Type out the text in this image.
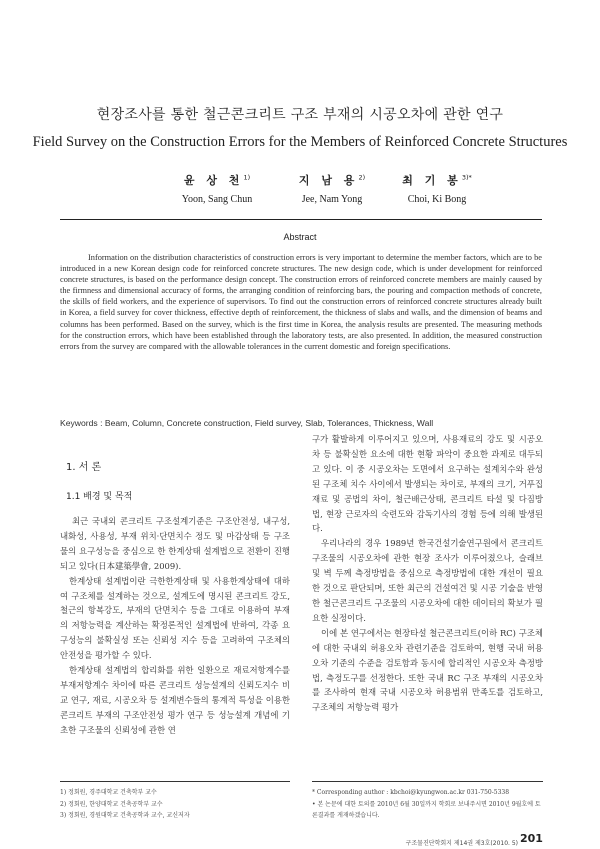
현장조사를 통한 철근콘크리트 구조 부재의 시공오차에 관한 연구
Field Survey on the Construction Errors for the Members of Reinforced Concrete Structures
윤 상 천$^{1)}$
Yoon, Sang Chun
지 남 용$^{2)}$
Jee, Nam Yong
최 기 봉$^{3)*}$
Choi, Ki Bong
Abstract
Information on the distribution characteristics of construction errors is very important to determine the member factors, which are to be introduced in a new Korean design code for reinforced concrete structures. The new design code, which is under development for reinforced concrete structures, is based on the performance design concept. The construction errors of reinforced concrete members are mainly caused by the firmness and dimensional accuracy of forms, the arranging condition of reinforcing bars, the pouring and compaction methods of concrete, the skills of field workers, and the experience of supervisors. To find out the construction errors of reinforced concrete structures already built in Korea, a field survey for cover thickness, effective depth of reinforcement, the thickness of slabs and walls, and the dimension of beams and columns has been performed. Based on the survey, which is the first time in Korea, the analysis results are presented. The measuring methods for the construction errors, which have been established through the laboratory tests, are also presented. In addition, the measured construction errors from the survey are compared with the allowable tolerances in the current domestic and foreign specifications.
Keywords : Beam, Column, Concrete construction, Field survey, Slab, Tolerances, Thickness, Wall
1. 서 론
1.1 배경 및 목적
최근 국내외 콘크리트 구조설계기준은 구조안전성, 내구성, 내화성, 사용성, 부재 위치·단면치수 정도 및 마감상태 등 구조물의 요구성능을 중심으로 한 한계상태 설계법으로 전환이 진행되고 있다(日本建築學會, 2009).
한계상태 설계법이란 극한한계상태 및 사용한계상태에 대하여 구조체를 설계하는 것으로, 설계도에 명시된 콘크리트 강도, 철근의 항복강도, 부재의 단면치수 등을 그대로 이용하여 부재의 저항능력을 계산하는 확정론적인 설계법에 반하여, 각종 요구성능의 불확실성 또는 신뢰성 지수 등을 고려하여 구조체의 안전성을 평가할 수 있다.
한계상태 설계법의 합리화를 위한 일환으로 재료저항계수를 부재저항계수 차이에 따른 콘크리트 성능설계의 신뢰도지수 비교 연구, 재료, 시공오차 등 설계변수들의 통계적 특성을 이용한 콘크리트 부재의 구조안전성 평가 연구 등 성능설계 개념에 기초한 구조물의 신뢰성에 관한 연
구가 활발하게 이루어지고 있으며, 사용재료의 강도 및 시공오차 등 불확실한 요소에 대한 현황 파악이 중요한 과제로 대두되고 있다. 이 중 시공오차는 도면에서 요구하는 설계치수와 완성된 구조체 치수 사이에서 발생되는 차이로, 부재의 크기, 거푸집 재료 및 공법의 차이, 철근배근상태, 콘크리트 타설 및 다짐방법, 현장 근로자의 숙련도와 감독기사의 경험 등에 의해 발생된다.
우리나라의 경우 1989년 한국건설기술연구원에서 콘크리트 구조물의 시공오차에 관한 현장 조사가 이루어졌으나, 슬래브 및 벽 두께 측정방법을 중심으로 측정방법에 대한 개선이 필요한 것으로 판단되며, 또한 최근의 건설여건 및 시공 기술을 반영한 철근콘크리트 구조물의 시공오차에 대한 데이터의 확보가 필요한 실정이다.
이에 본 연구에서는 현장타설 철근콘크리트(이하 RC) 구조체에 대한 국내외 허용오차 관련기준을 검토하여, 현행 국내 허용오차 기준의 수준을 검토함과 동시에 합리적인 시공오차 측정방법, 측정도구를 선정한다. 또한 국내 RC 구조 부재의 시공오차를 조사하여 현재 국내 시공오차 허용범위 만족도를 검토하고, 구조체의 저항능력 평가
1) 정회원, 경주대학교 건축학부 교수
2) 정회원, 한양대학교 건축공학부 교수
3) 정회원, 경원대학교 건축공학과 교수, 교신저자
* Corresponding author : kbchoi@kyungwon.ac.kr 031-750-5338
• 본 논문에 대한 토의를 2010년 6월 30일까지 학회로 보내주시면 2010년 9월호에 토론결과를 게재하겠습니다.
구조물진단학회지 제14권 제3호(2010. 5) 201
